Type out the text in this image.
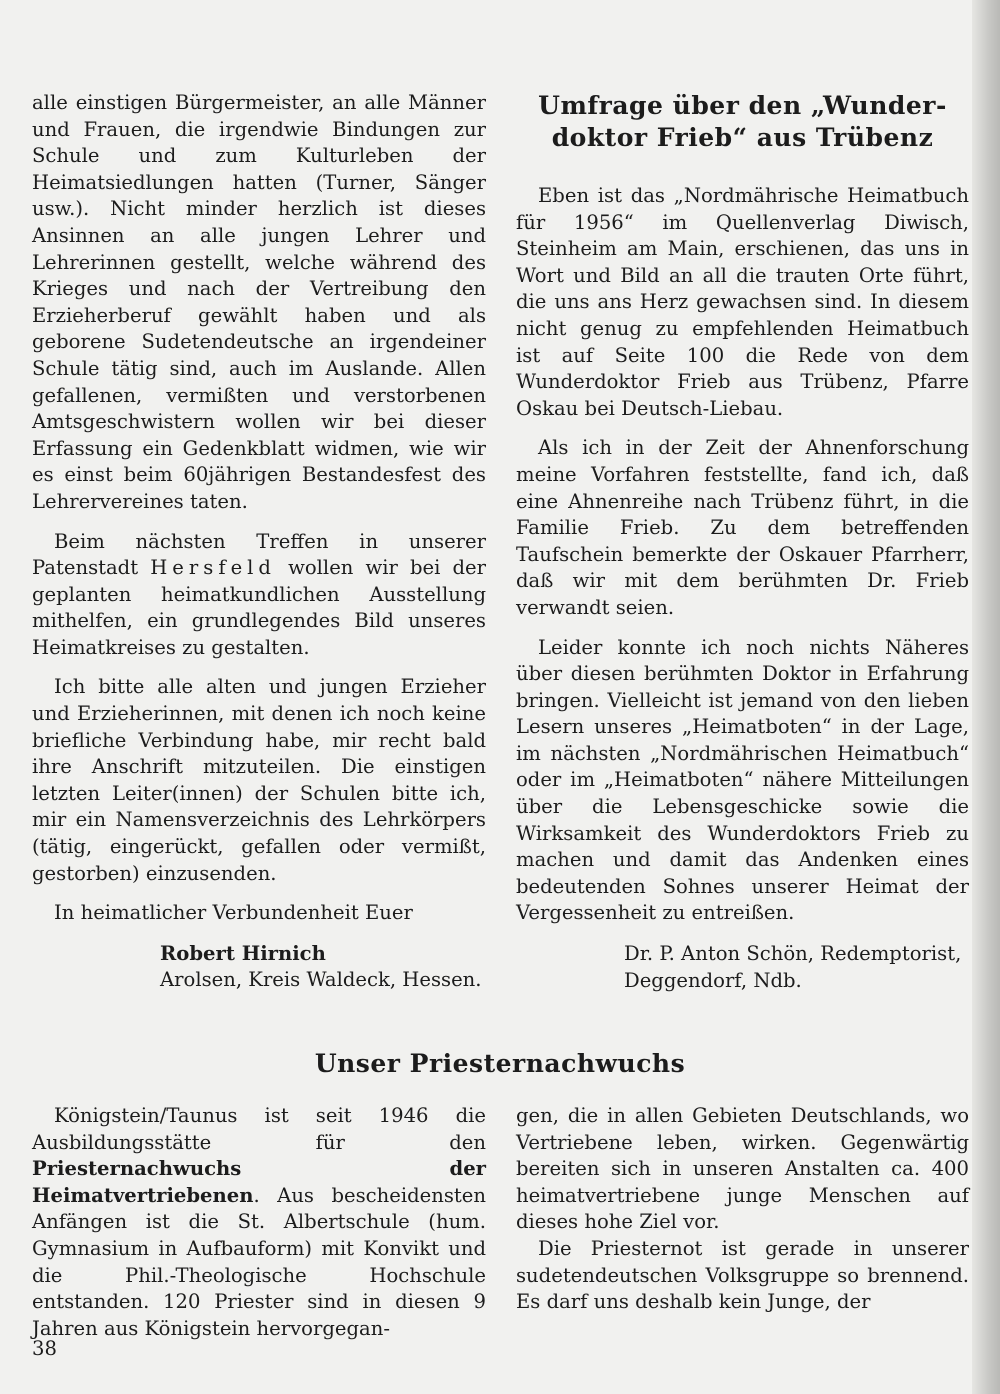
alle einstigen Bürgermeister, an alle Männer und Frauen, die irgendwie Bindungen zur Schule und zum Kulturleben der Heimatsiedlungen hatten (Turner, Sänger usw.). Nicht minder herzlich ist dieses Ansinnen an alle jungen Lehrer und Lehrerinnen gestellt, welche während des Krieges und nach der Vertreibung den Erzieherberuf gewählt haben und als geborene Sudetendeutsche an irgendeiner Schule tätig sind, auch im Auslande. Allen gefallenen, vermißten und verstorbenen Amtsgeschwistern wollen wir bei dieser Erfassung ein Gedenkblatt widmen, wie wir es einst beim 60jährigen Bestandesfest des Lehrervereines taten.

Beim nächsten Treffen in unserer Patenstadt Hersfeld wollen wir bei der geplanten heimatkundlichen Ausstellung mithelfen, ein grundlegendes Bild unseres Heimatkreises zu gestalten.

Ich bitte alle alten und jungen Erzieher und Erzieherinnen, mit denen ich noch keine briefliche Verbindung habe, mir recht bald ihre Anschrift mitzuteilen. Die einstigen letzten Leiter(innen) der Schulen bitte ich, mir ein Namensverzeichnis des Lehrkörpers (tätig, eingerückt, gefallen oder vermißt, gestorben) einzusenden.

In heimatlicher Verbundenheit Euer

Robert Hirnich

Arolsen, Kreis Waldeck, Hessen.

Umfrage über den „Wunder-
doktor Frieb“ aus Trübenz

Eben ist das „Nordmährische Heimatbuch für 1956“ im Quellenverlag Diwisch, Steinheim am Main, erschienen, das uns in Wort und Bild an all die trauten Orte führt, die uns ans Herz gewachsen sind. In diesem nicht genug zu empfehlenden Heimatbuch ist auf Seite 100 die Rede von dem Wunderdoktor Frieb aus Trübenz, Pfarre Oskau bei Deutsch-Liebau.

Als ich in der Zeit der Ahnenforschung meine Vorfahren feststellte, fand ich, daß eine Ahnenreihe nach Trübenz führt, in die Familie Frieb. Zu dem betreffenden Taufschein bemerkte der Oskauer Pfarrherr, daß wir mit dem berühmten Dr. Frieb verwandt seien.

Leider konnte ich noch nichts Näheres über diesen berühmten Doktor in Erfahrung bringen. Vielleicht ist jemand von den lieben Lesern unseres „Heimatboten“ in der Lage, im nächsten „Nordmährischen Heimatbuch“ oder im „Heimatboten“ nähere Mitteilungen über die Lebensgeschicke sowie die Wirksamkeit des Wunderdoktors Frieb zu machen und damit das Andenken eines bedeutenden Sohnes unserer Heimat der Vergessenheit zu entreißen.

Dr. P. Anton Schön, Redemptorist,

Deggendorf, Ndb.

Unser Priesternachwuchs

Königstein/Taunus ist seit 1946 die Ausbildungsstätte für den Priesternachwuchs der Heimatvertriebenen. Aus bescheidensten Anfängen ist die St. Albertschule (hum. Gymnasium in Aufbauform) mit Konvikt und die Phil.-Theologische Hochschule entstanden. 120 Priester sind in diesen 9 Jahren aus Königstein hervorgegan-

gen, die in allen Gebieten Deutschlands, wo Vertriebene leben, wirken. Gegenwärtig bereiten sich in unseren Anstalten ca. 400 heimatvertriebene junge Menschen auf dieses hohe Ziel vor.

Die Priesternot ist gerade in unserer sudetendeutschen Volksgruppe so brennend. Es darf uns deshalb kein Junge, der

38
